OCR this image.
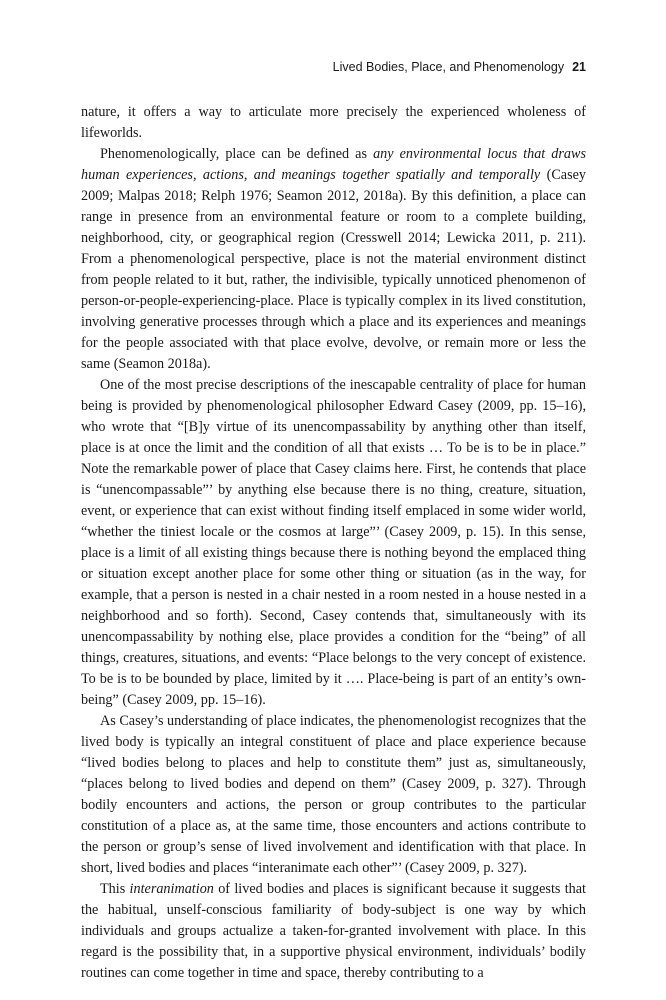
Lived Bodies, Place, and Phenomenology 21

nature, it offers a way to articulate more precisely the experienced wholeness of lifeworlds.

Phenomenologically, place can be defined as any environmental locus that draws human experiences, actions, and meanings together spatially and temporally (Casey 2009; Malpas 2018; Relph 1976; Seamon 2012, 2018a). By this definition, a place can range in presence from an environmental feature or room to a complete building, neighborhood, city, or geographical region (Cresswell 2014; Lewicka 2011, p. 211). From a phenomenological perspective, place is not the material environment distinct from people related to it but, rather, the indivisible, typically unnoticed phenomenon of person-or-people-experiencing-place. Place is typically complex in its lived constitution, involving generative processes through which a place and its experiences and meanings for the people associated with that place evolve, devolve, or remain more or less the same (Seamon 2018a).

One of the most precise descriptions of the inescapable centrality of place for human being is provided by phenomenological philosopher Edward Casey (2009, pp. 15–16), who wrote that “[B]y virtue of its unencompassability by anything other than itself, place is at once the limit and the condition of all that exists … To be is to be in place.” Note the remarkable power of place that Casey claims here. First, he contends that place is “unencompassable”’ by anything else because there is no thing, creature, situation, event, or experience that can exist without finding itself emplaced in some wider world, “whether the tiniest locale or the cosmos at large”’ (Casey 2009, p. 15). In this sense, place is a limit of all existing things because there is nothing beyond the emplaced thing or situation except another place for some other thing or situation (as in the way, for example, that a person is nested in a chair nested in a room nested in a house nested in a neighborhood and so forth). Second, Casey contends that, simultaneously with its unencompassability by nothing else, place provides a condition for the “being” of all things, creatures, situations, and events: “Place belongs to the very concept of existence. To be is to be bounded by place, limited by it …. Place-being is part of an entity’s own-being” (Casey 2009, pp. 15–16).

As Casey’s understanding of place indicates, the phenomenologist recognizes that the lived body is typically an integral constituent of place and place experience because “lived bodies belong to places and help to constitute them” just as, simultaneously, “places belong to lived bodies and depend on them” (Casey 2009, p. 327). Through bodily encounters and actions, the person or group contributes to the particular constitution of a place as, at the same time, those encounters and actions contribute to the person or group’s sense of lived involvement and identification with that place. In short, lived bodies and places “interanimate each other”’ (Casey 2009, p. 327).

This interanimation of lived bodies and places is significant because it suggests that the habitual, unself-conscious familiarity of body-subject is one way by which individuals and groups actualize a taken-for-granted involvement with place. In this regard is the possibility that, in a supportive physical environment, individuals’ bodily routines can come together in time and space, thereby contributing to a
